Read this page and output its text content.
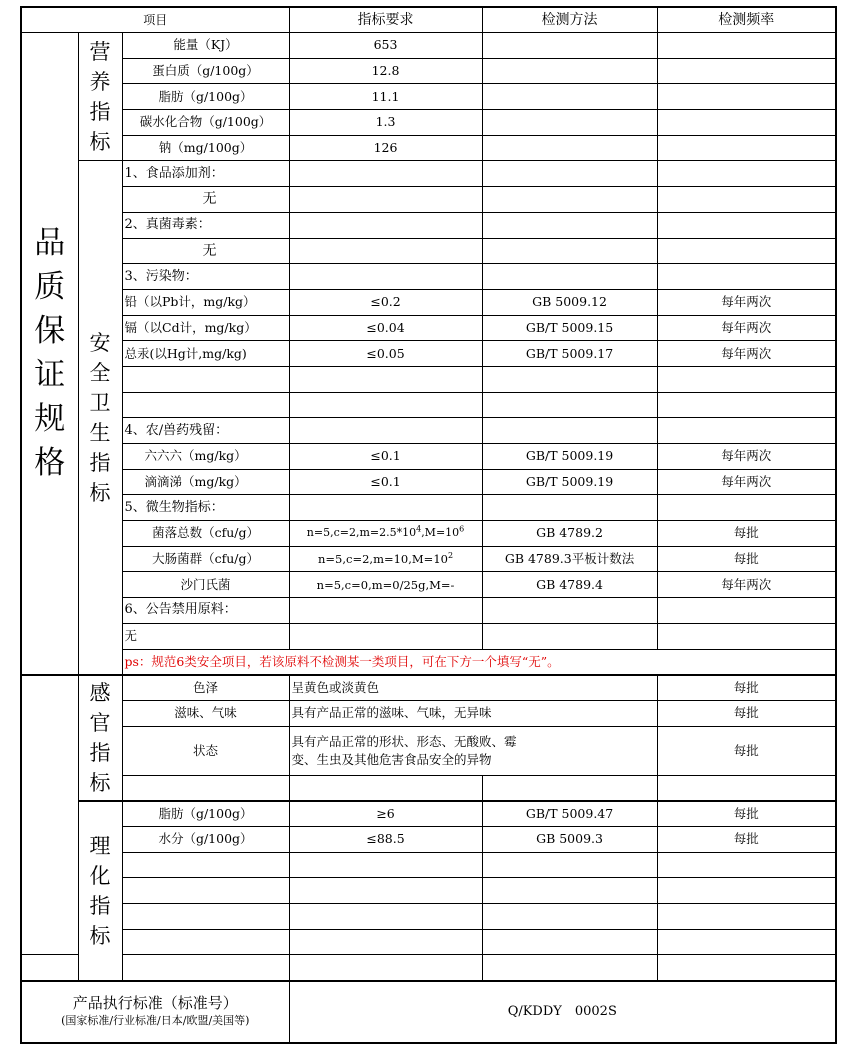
项目			指标要求	检测方法	检测频率
品质保证规格	营养指标	能量（KJ）	653		
		蛋白质（g/100g）	12.8		
		脂肪（g/100g）	11.1		
		碳水化合物（g/100g）	1.3		
		钠（mg/100g）	126		
	安全卫生指标	1、食品添加剂：			
		无			
		2、真菌毒素：			
		无			
		3、污染物：			
		铅（以Pb计，mg/kg）	≤0.2	GB 5009.12	每年两次
		镉（以Cd计，mg/kg）	≤0.04	GB/T 5009.15	每年两次
		总汞(以Hg计,mg/kg)	≤0.05	GB/T 5009.17	每年两次

		4、农/兽药残留：			
		六六六（mg/kg）	≤0.1	GB/T 5009.19	每年两次
		滴滴涕（mg/kg）	≤0.1	GB/T 5009.19	每年两次
		5、微生物指标：			
		菌落总数（cfu/g）	$n=5,c=2,m=2.5*10^4,M=10^6$	GB 4789.2	每批
		大肠菌群（cfu/g）	$n=5,c=2,m=10,M=10^2$	GB 4789.3平板计数法	每批
		沙门氏菌	n=5,c=0,m=0/25g,M=-	GB 4789.4	每年两次
		6、公告禁用原料：			
		无			
		ps：规范6类安全项目，若该原料不检测某一类项目，可在下方一个填写“无”。			
	感官指标	色泽	呈黄色或淡黄色		每批
		滋味、气味	具有产品正常的滋味、气味，无异味		每批
		状态	具有产品正常的形状、形态、无酸败、霉变、生虫及其他危害食品安全的异物		每批

	理化指标	脂肪（g/100g）	≥6	GB/T 5009.47	每批
		水分（g/100g）	≤88.5	GB 5009.3	每批

产品执行标准（标准号）
(国家标准/行业标准/日本/欧盟/美国等)			Q/KDDY　0002S		
